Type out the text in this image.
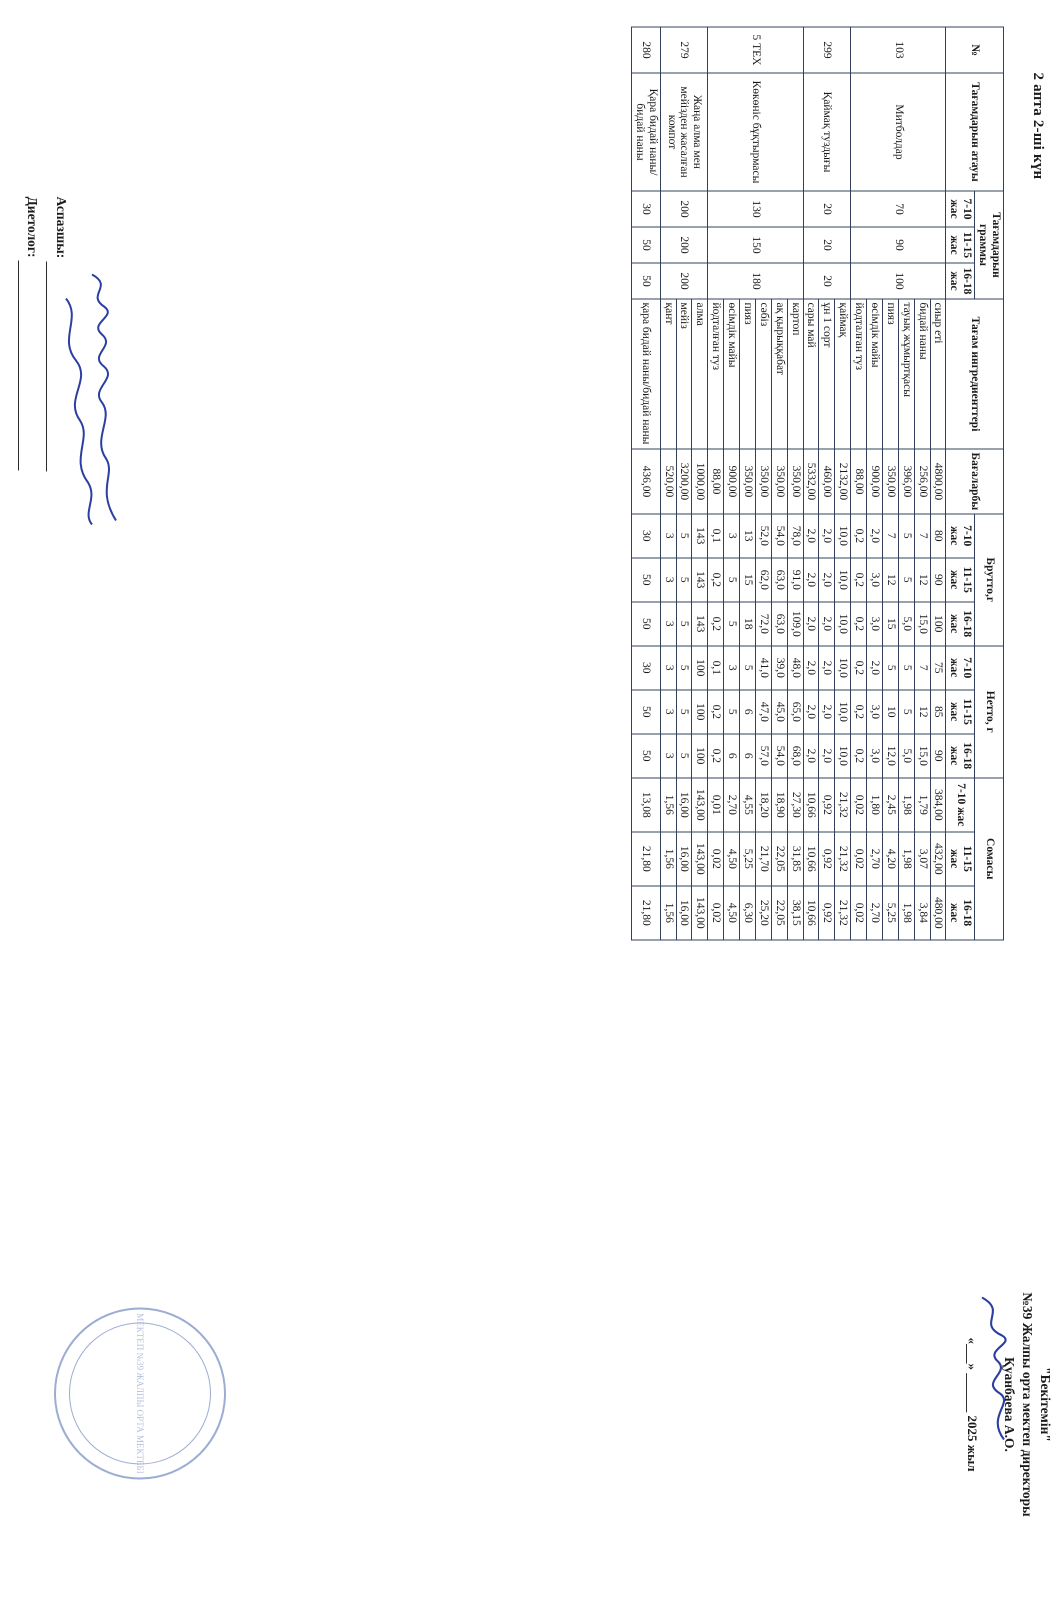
2 апта 2-ші күн
"Бекітемін"
№39 Жалпы орта мектеп директоры
Қуанбаева А.О.
«___» ______ 2025 жыл
№	Тағамдарын атауы	Тағамдарын граммы			Тағам ингредиенттері	Бағаларбы	Брутто,г			Нетто, г			Сомасы		
		7-10 жас	11-15 жас	16-18 жас			7-10 жас	11-15 жас	16-18 жас	7-10 жас	11-15 жас	16-18 жас	7-10 жас	11-15 жас	16-18 жас
103	Митболдар	70	90	100	сиыр еті	4800,00	80	90	100	75	85	90	384,00	432,00	480,00
					бидай наны	256,00	7	12	15,0	7	12	15,0	1,79	3,07	3,84
					тауық жұмыртқасы	396,00	5	5	5,0	5	5	5,0	1,98	1,98	1,98
					пияз	350,00	7	12	15	5	10	12,0	2,45	4,20	5,25
					өсімдік майы	900,00	2,0	3,0	3,0	2,0	3,0	3,0	1,80	2,70	2,70
					йодталған туз	88,00	0,2	0,2	0,2	0,2	0,2	0,2	0,02	0,02	0,02
299	Қаймақ туздығы	20	20	20	қаймақ	2132,00	10,0	10,0	10,0	10,0	10,0	10,0	21,32	21,32	21,32
					ұн 1 сорт	460,00	2,0	2,0	2,0	2,0	2,0	2,0	0,92	0,92	0,92
					сары май	5332,00	2,0	2,0	2,0	2,0	2,0	2,0	10,66	10,66	10,66
5 ТЕХ	Көкөніс бұқтырмасы	130	150	180	картоп	350,00	78,0	91,0	109,0	48,0	65,0	68,0	27,30	31,85	38,15
					ақ қырыққабат	350,00	54,0	63,0	63,0	39,0	45,0	54,0	18,90	22,05	22,05
					сәбіз	350,00	52,0	62,0	72,0	41,0	47,0	57,0	18,20	21,70	25,20
					пияз	350,00	13	15	18	5	6	6	4,55	5,25	6,30
					өсімдік майы	900,00	3	5	5	3	5	6	2,70	4,50	4,50
					йодталған туз	88,00	0,1	0,2	0,2	0,1	0,2	0,2	0,01	0,02	0,02
279	Жаңа алма мен мейізден жасалған компот	200	200	200	алма	1000,00	143	143	143	100	100	100	143,00	143,00	143,00
					мейіз	3200,00	5	5	5	5	5	5	16,00	16,00	16,00
					қант	520,00	3	3	3	3	3	3	1,56	1,56	1,56
280	Қара бидай наны/бидай наны	30	50	50	қара бидай наны/бидай наны	436,00	30	50	50	30	50	50	13,08	21,80	21,80
Аспазшы:
Диетолог:
МЕКТЕП №39 ЖАЛПЫ ОРТА МЕКТЕБІ
